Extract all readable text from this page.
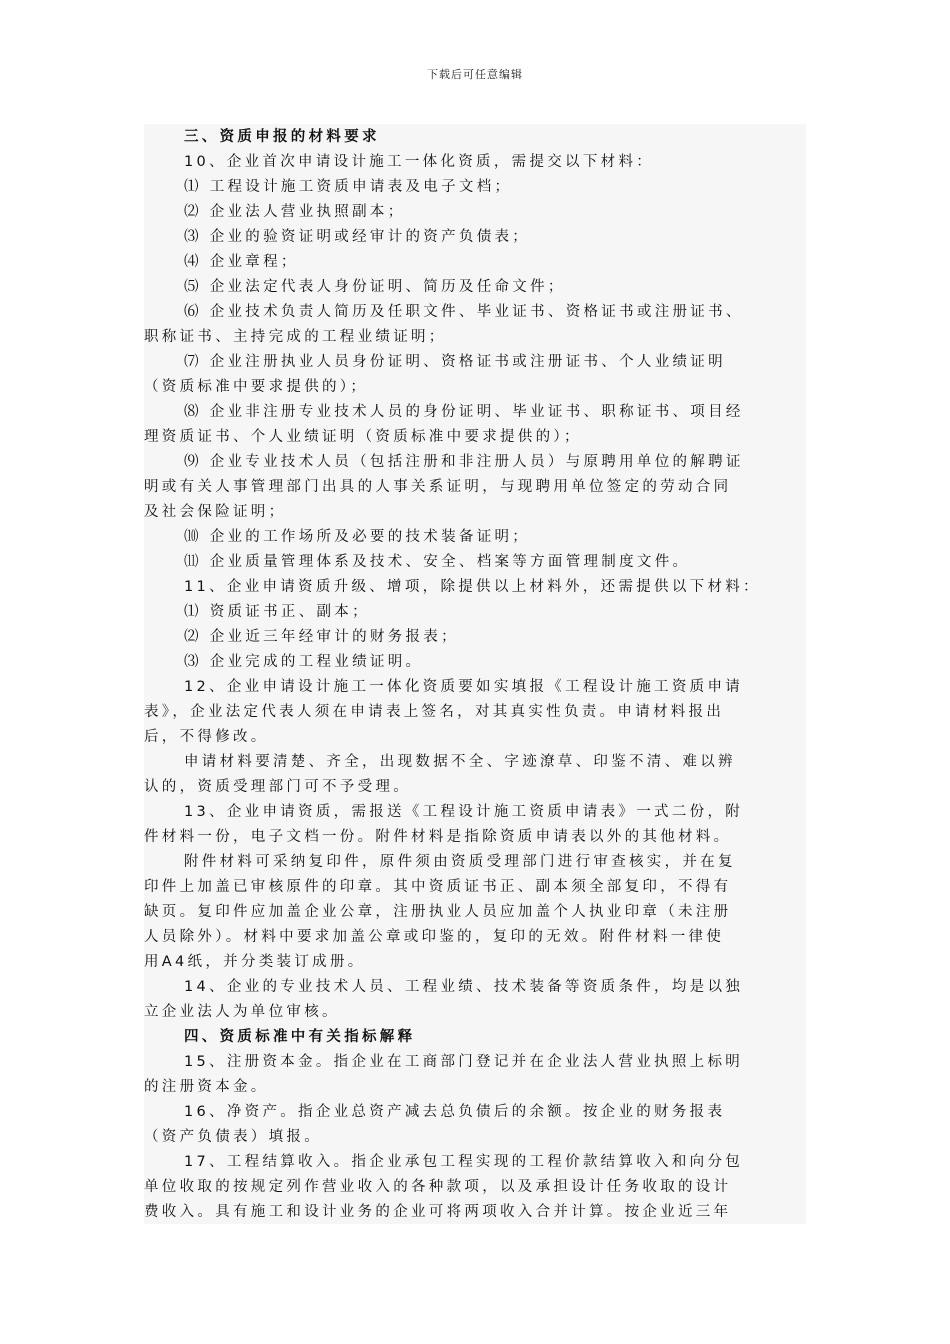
下载后可任意编辑
三、资质申报的材料要求
10、企业首次申请设计施工一体化资质，需提交以下材料：
⑴ 工程设计施工资质申请表及电子文档；
⑵ 企业法人营业执照副本；
⑶ 企业的验资证明或经审计的资产负债表；
⑷ 企业章程；
⑸ 企业法定代表人身份证明、简历及任命文件；
⑹ 企业技术负责人简历及任职文件、毕业证书、资格证书或注册证书、
职称证书、主持完成的工程业绩证明；
⑺ 企业注册执业人员身份证明、资格证书或注册证书、个人业绩证明
（资质标准中要求提供的）；
⑻ 企业非注册专业技术人员的身份证明、毕业证书、职称证书、项目经
理资质证书、个人业绩证明（资质标准中要求提供的）；
⑼ 企业专业技术人员（包括注册和非注册人员）与原聘用单位的解聘证
明或有关人事管理部门出具的人事关系证明，与现聘用单位签定的劳动合同
及社会保险证明；
⑽ 企业的工作场所及必要的技术装备证明；
⑾ 企业质量管理体系及技术、安全、档案等方面管理制度文件。
11、企业申请资质升级、增项，除提供以上材料外，还需提供以下材料：
⑴ 资质证书正、副本；
⑵ 企业近三年经审计的财务报表；
⑶ 企业完成的工程业绩证明。
12、企业申请设计施工一体化资质要如实填报《工程设计施工资质申请
表》，企业法定代表人须在申请表上签名，对其真实性负责。申请材料报出
后，不得修改。
申请材料要清楚、齐全，出现数据不全、字迹潦草、印鉴不清、难以辨
认的，资质受理部门可不予受理。
13、企业申请资质，需报送《工程设计施工资质申请表》一式二份，附
件材料一份，电子文档一份。附件材料是指除资质申请表以外的其他材料。
附件材料可采纳复印件，原件须由资质受理部门进行审查核实，并在复
印件上加盖已审核原件的印章。其中资质证书正、副本须全部复印，不得有
缺页。复印件应加盖企业公章，注册执业人员应加盖个人执业印章（未注册
人员除外）。材料中要求加盖公章或印鉴的，复印的无效。附件材料一律使
用A4纸，并分类装订成册。
14、企业的专业技术人员、工程业绩、技术装备等资质条件，均是以独
立企业法人为单位审核。
四、资质标准中有关指标解释
15、注册资本金。指企业在工商部门登记并在企业法人营业执照上标明
的注册资本金。
16、净资产。指企业总资产减去总负债后的余额。按企业的财务报表
（资产负债表）填报。
17、工程结算收入。指企业承包工程实现的工程价款结算收入和向分包
单位收取的按规定列作营业收入的各种款项，以及承担设计任务收取的设计
费收入。具有施工和设计业务的企业可将两项收入合并计算。按企业近三年
